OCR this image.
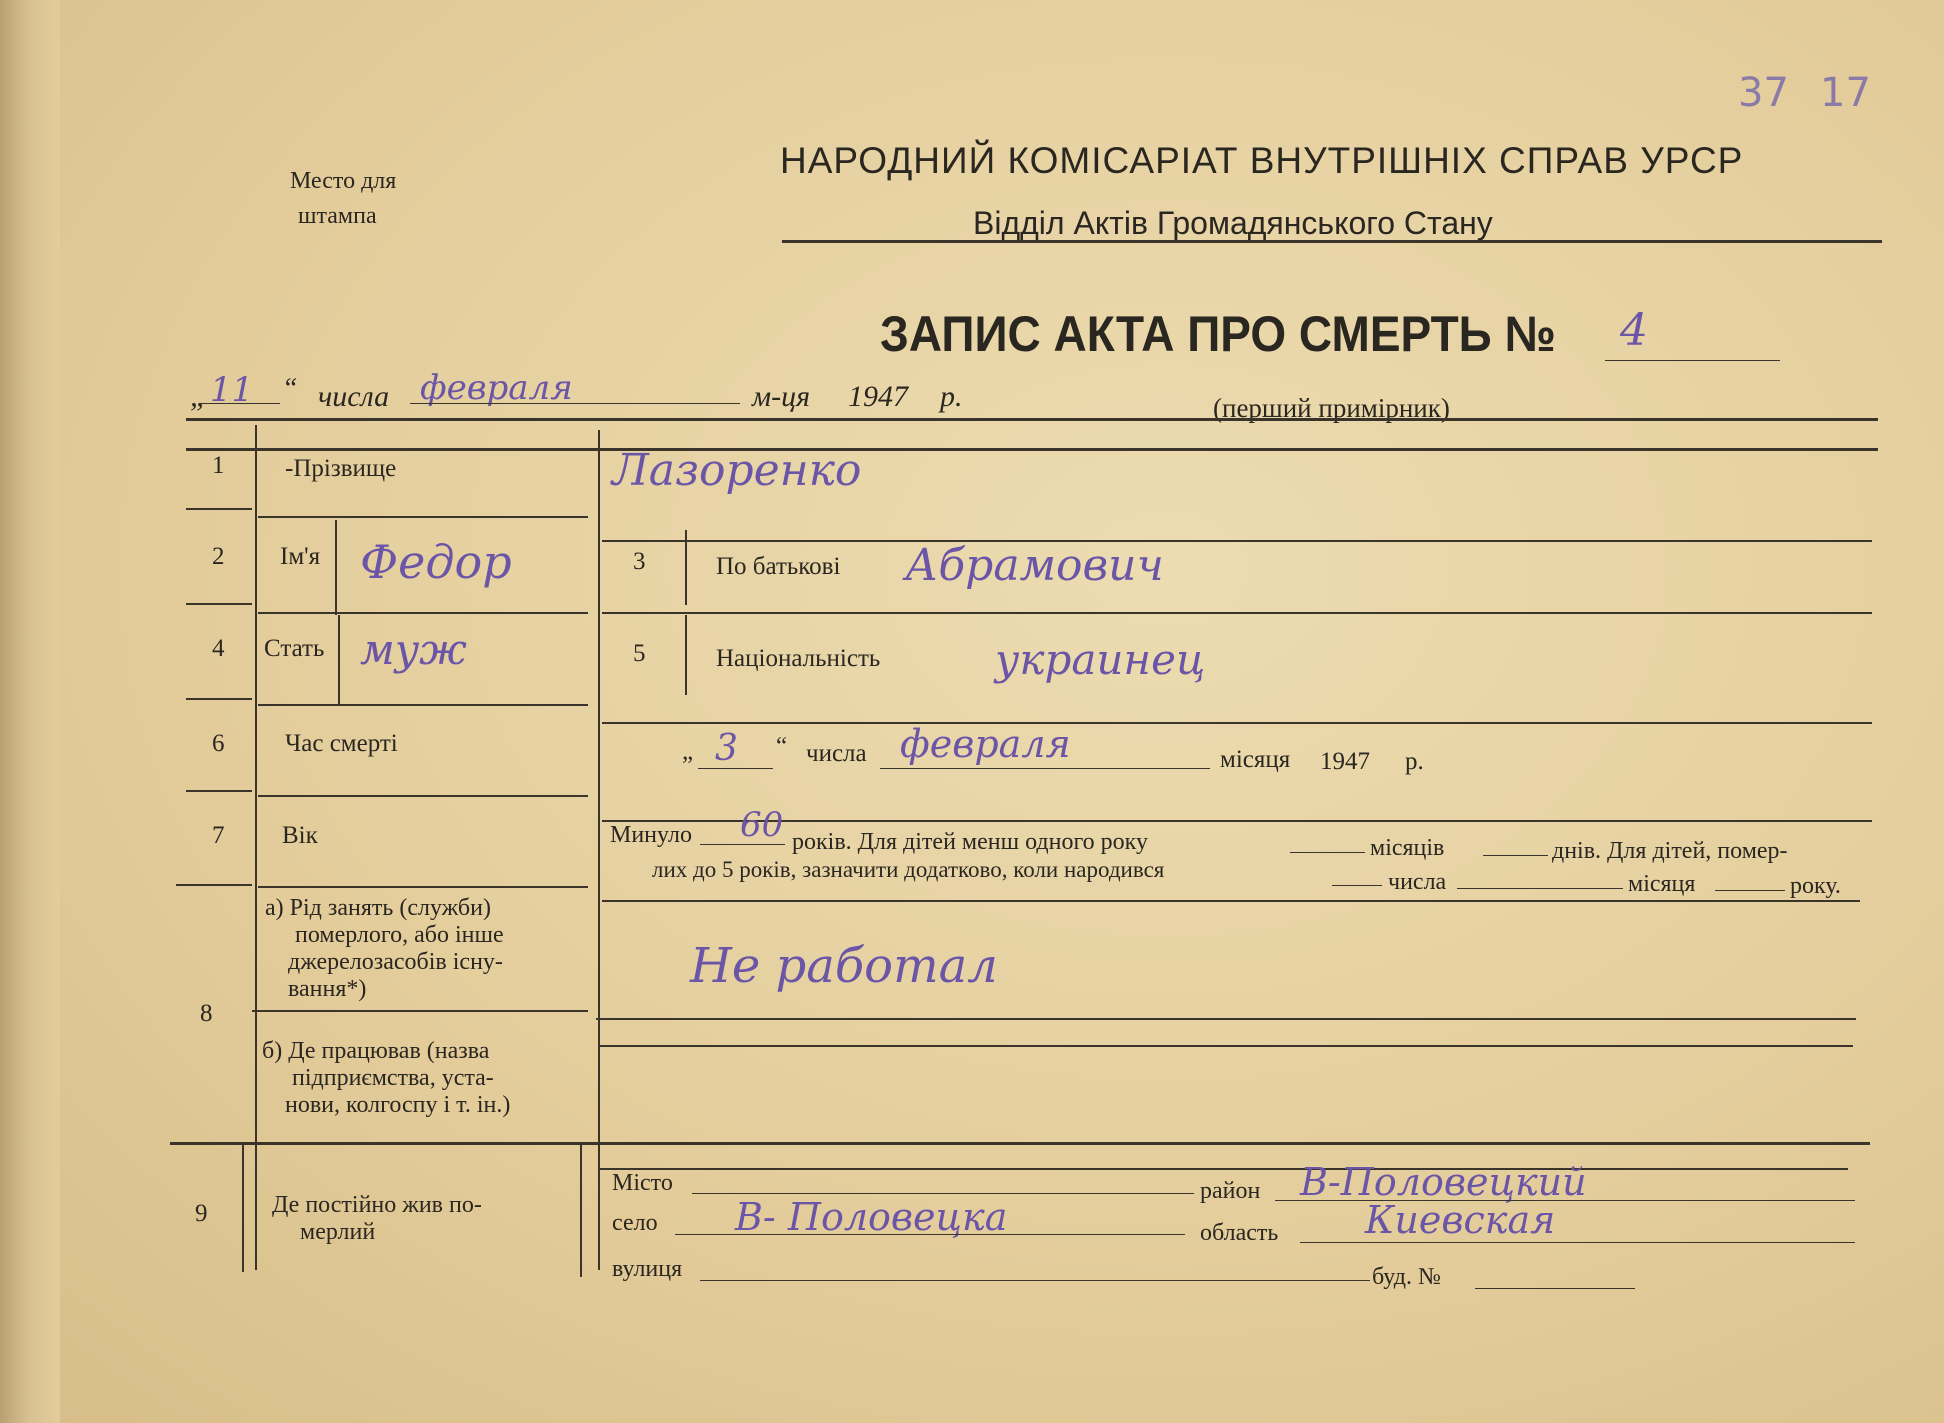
Место для
штампа
37 17
НАРОДНИЙ КОМІСАРІАТ ВНУТРІШНІХ СПРАВ УРСР
Відділ Актів Громадянського Стану
ЗАПИС АКТА ПРО СМЕРТЬ № 4
„ 11 “ числа февраля	м-ця 1947 р.	(перший примірник)
1 -Прізвище	Лазоренко
2 Ім'я Федор	3	По батькові Абрамович
4 Стать муж	5	Національність	украинец
6 Час смерті	„ 3 “ числа февраля	місяця 1947 р.
7 Вік	Минуло 60 років. Для дітей менш одного року	місяців	днів. Для дітей, помер-
лих до 5 років, зазначити додатково, коли народився	числа	місяця	року.
8
а) Рід занять (служби)
померлого, або інше
джерелозасобів існу-
вання*)	Не работал
б) Де працював (назва
підприємства, уста-
нови, колгоспу і т. ін.)
9	Де постійно жив по-
мерлий
Місто	район В-Половецкий
село В- Половецка	область Киевская
вулиця	буд. №
